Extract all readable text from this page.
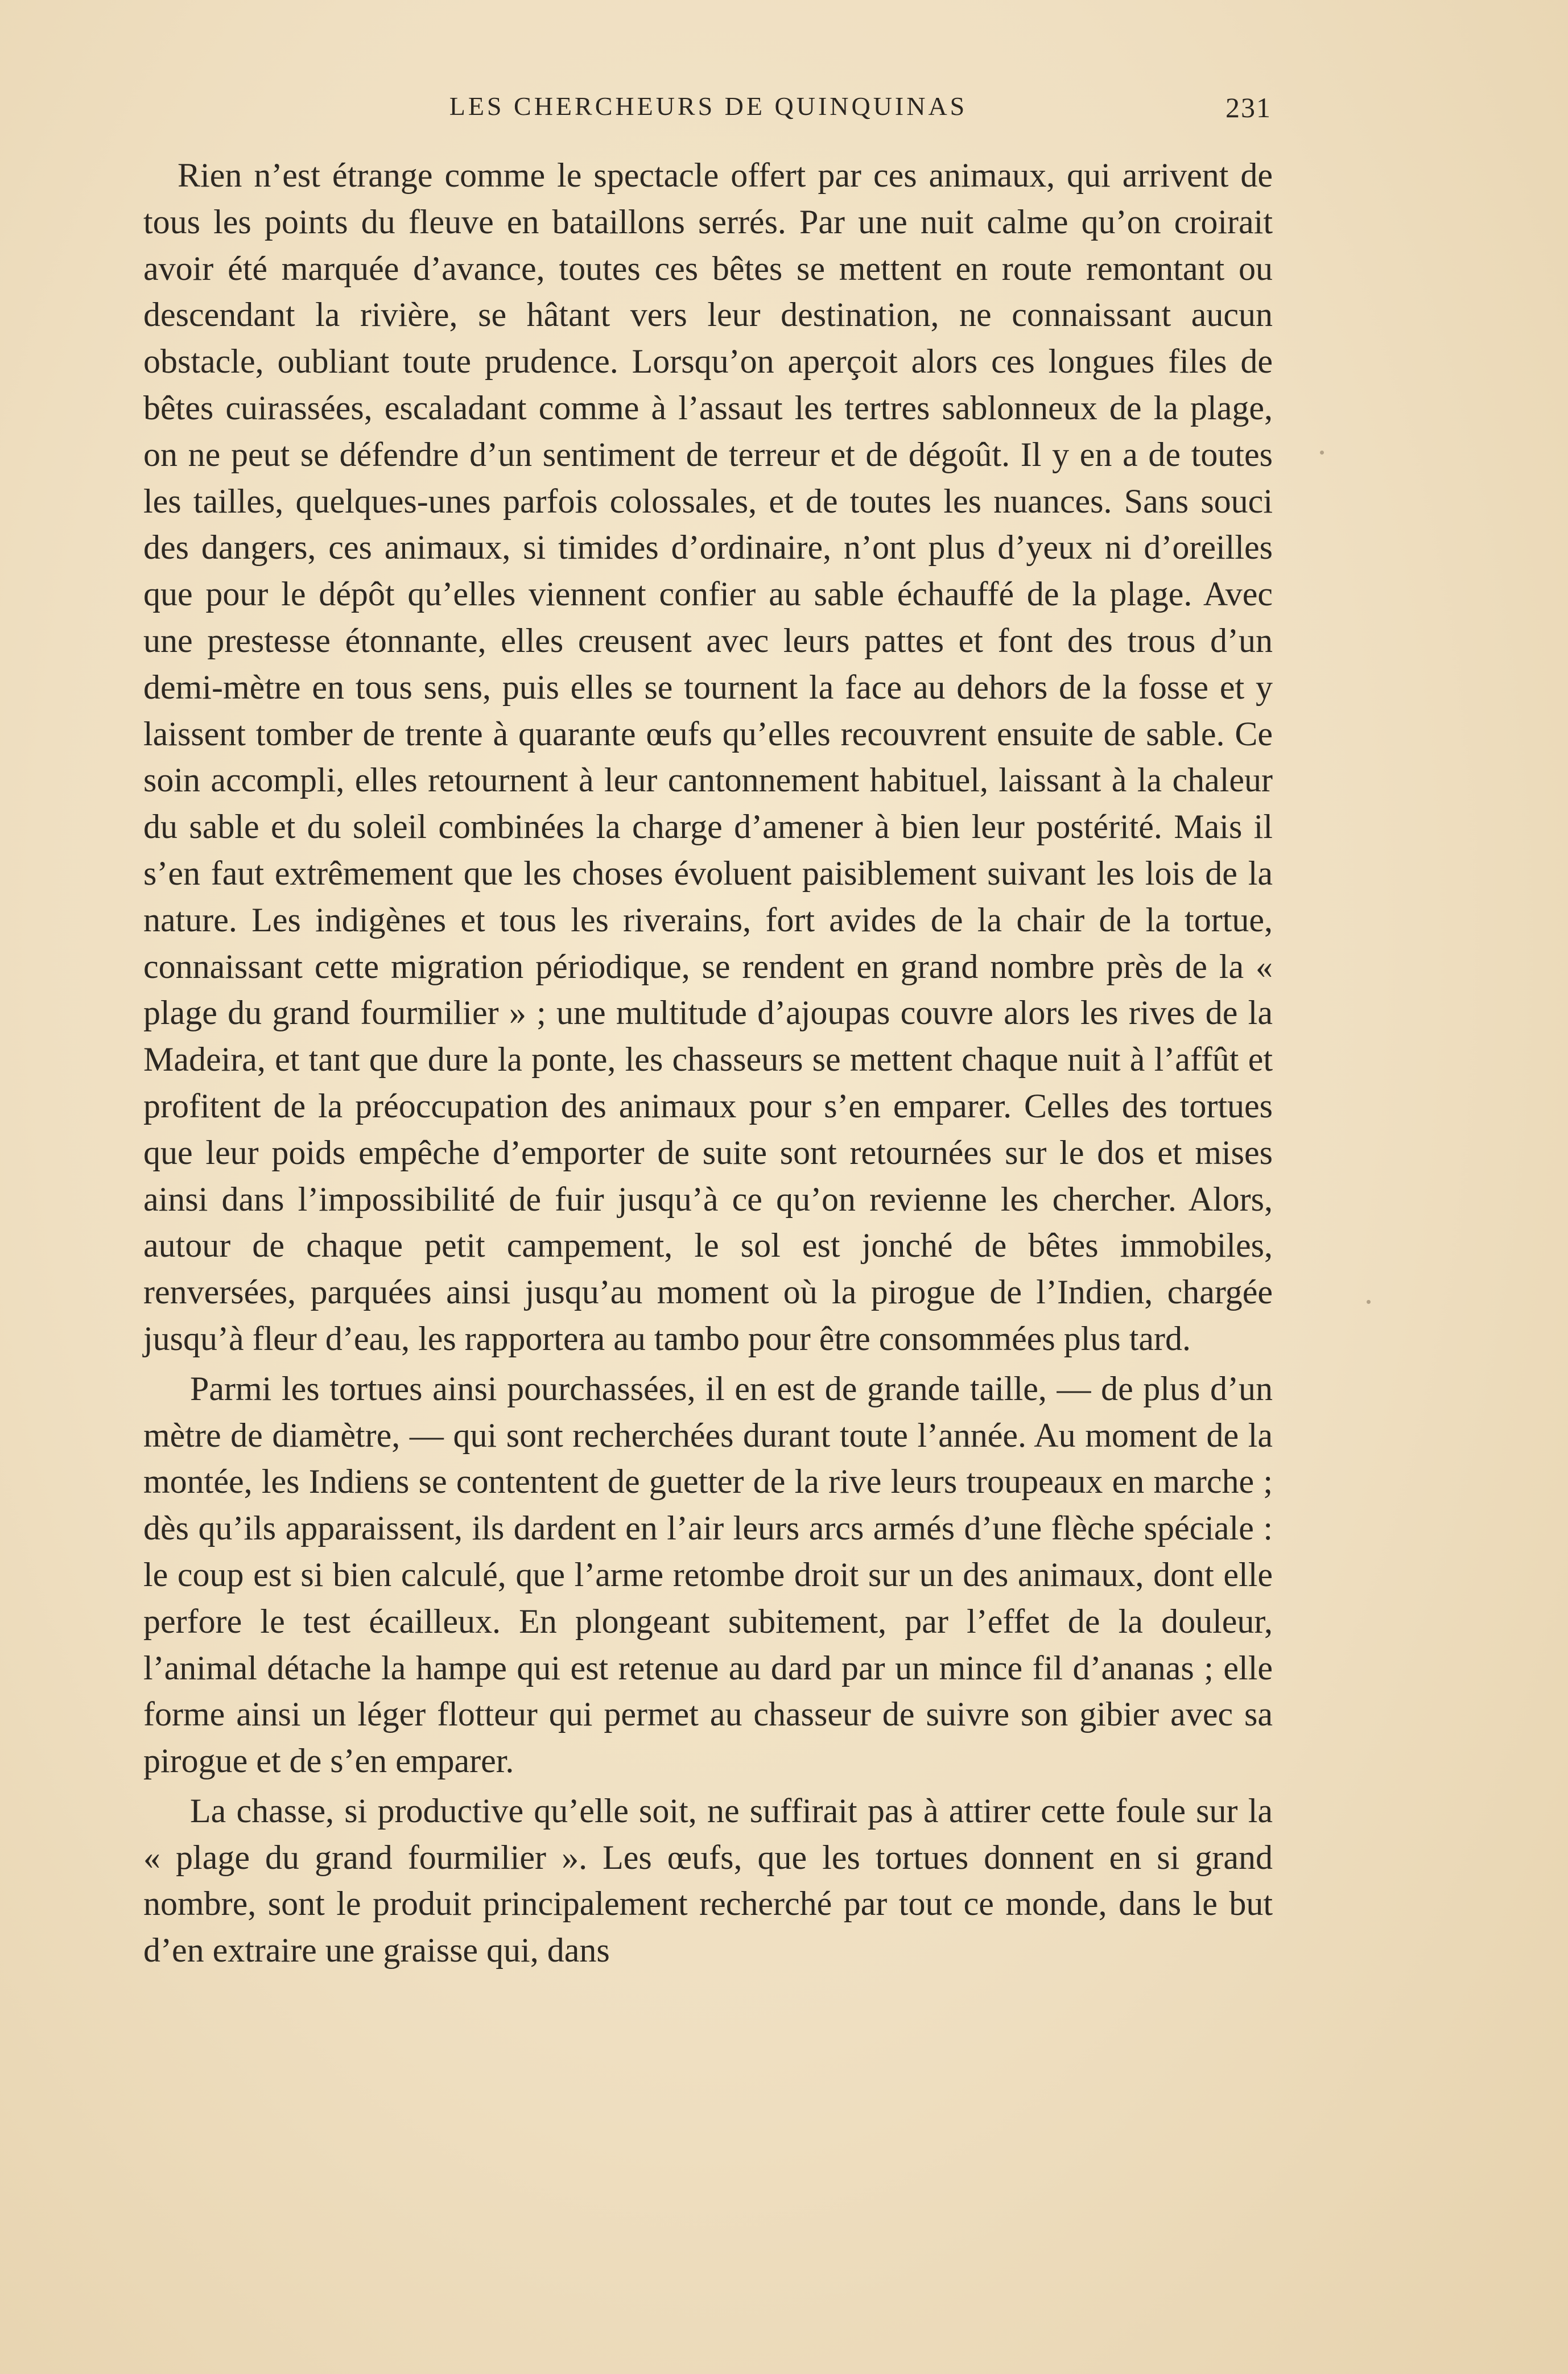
LES CHERCHEURS DE QUINQUINAS	231

Rien n’est étrange comme le spectacle offert par ces animaux, qui arrivent de tous les points du fleuve en bataillons serrés. Par une nuit calme qu’on croirait avoir été marquée d’avance, toutes ces bêtes se mettent en route remontant ou descendant la rivière, se hâtant vers leur destination, ne connaissant aucun obstacle, oubliant toute prudence. Lorsqu’on aperçoit alors ces longues files de bêtes cuirassées, escaladant comme à l’assaut les tertres sablonneux de la plage, on ne peut se défendre d’un sentiment de terreur et de dégoût. Il y en a de toutes les tailles, quelques-unes parfois colossales, et de toutes les nuances. Sans souci des dangers, ces animaux, si timides d’ordinaire, n’ont plus d’yeux ni d’oreilles que pour le dépôt qu’elles viennent confier au sable échauffé de la plage. Avec une prestesse étonnante, elles creusent avec leurs pattes et font des trous d’un demi-mètre en tous sens, puis elles se tournent la face au dehors de la fosse et y laissent tomber de trente à quarante œufs qu’elles recouvrent ensuite de sable. Ce soin accompli, elles retournent à leur cantonnement habituel, laissant à la chaleur du sable et du soleil combinées la charge d’amener à bien leur postérité. Mais il s’en faut extrêmement que les choses évoluent paisiblement suivant les lois de la nature. Les indigènes et tous les riverains, fort avides de la chair de la tortue, connaissant cette migration périodique, se rendent en grand nombre près de la « plage du grand fourmilier » ; une multitude d’ajoupas couvre alors les rives de la Madeira, et tant que dure la ponte, les chasseurs se mettent chaque nuit à l’affût et profitent de la préoccupation des animaux pour s’en emparer. Celles des tortues que leur poids empêche d’emporter de suite sont retournées sur le dos et mises ainsi dans l’impossibilité de fuir jusqu’à ce qu’on revienne les chercher. Alors, autour de chaque petit campement, le sol est jonché de bêtes immobiles, renversées, parquées ainsi jusqu’au moment où la pirogue de l’Indien, chargée jusqu’à fleur d’eau, les rapportera au tambo pour être consommées plus tard.

Parmi les tortues ainsi pourchassées, il en est de grande taille, — de plus d’un mètre de diamètre, — qui sont recherchées durant toute l’année. Au moment de la montée, les Indiens se contentent de guetter de la rive leurs troupeaux en marche ; dès qu’ils apparaissent, ils dardent en l’air leurs arcs armés d’une flèche spéciale : le coup est si bien calculé, que l’arme retombe droit sur un des animaux, dont elle perfore le test écailleux. En plongeant subitement, par l’effet de la douleur, l’animal détache la hampe qui est retenue au dard par un mince fil d’ananas ; elle forme ainsi un léger flotteur qui permet au chasseur de suivre son gibier avec sa pirogue et de s’en emparer.

La chasse, si productive qu’elle soit, ne suffirait pas à attirer cette foule sur la « plage du grand fourmilier ». Les œufs, que les tortues donnent en si grand nombre, sont le produit principalement recherché par tout ce monde, dans le but d’en extraire une graisse qui, dans
